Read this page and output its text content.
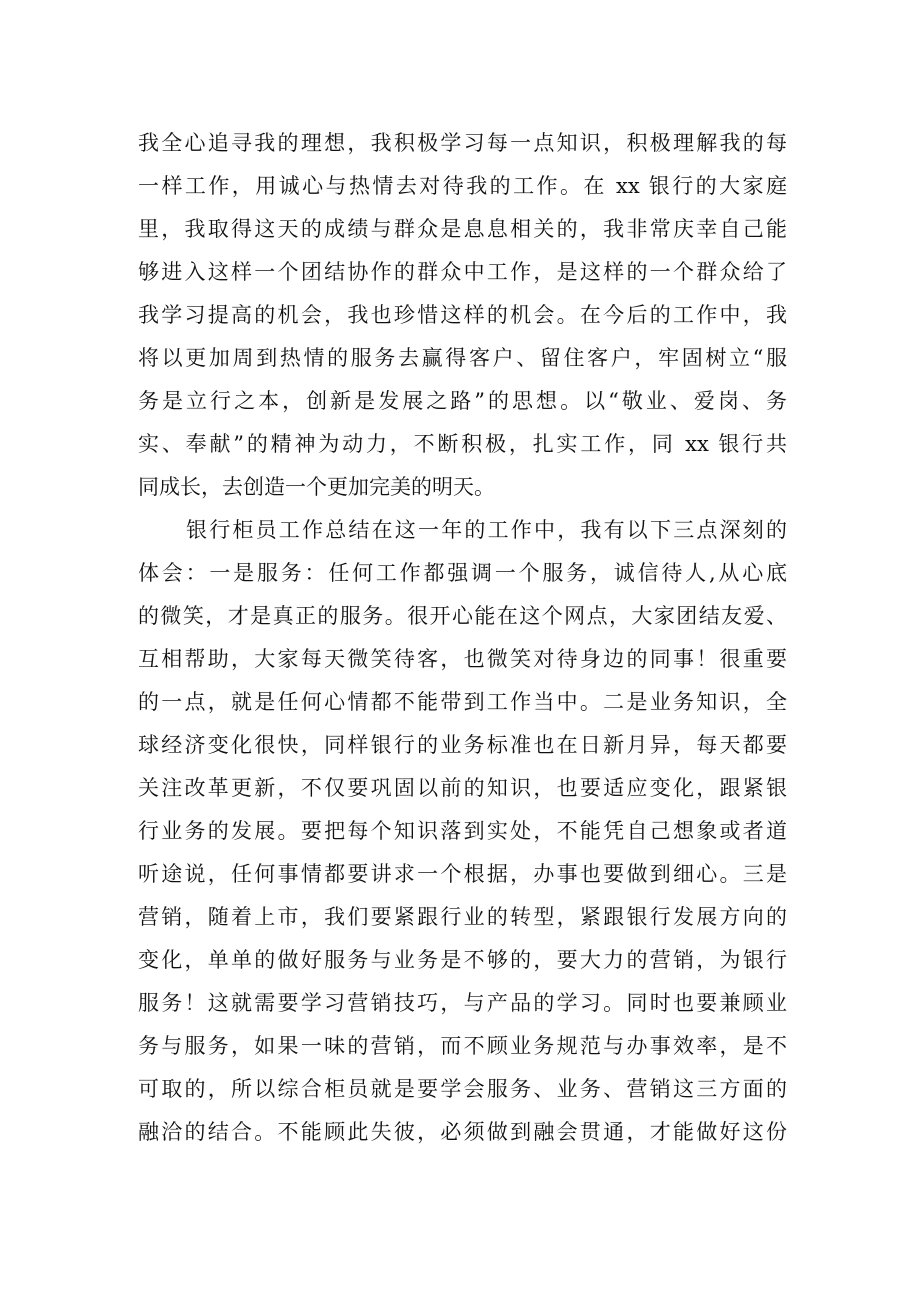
我全心追寻我的理想，我积极学习每一点知识，积极理解我的每
一样工作，用诚心与热情去对待我的工作。在 xx 银行的大家庭
里，我取得这天的成绩与群众是息息相关的，我非常庆幸自己能
够进入这样一个团结协作的群众中工作，是这样的一个群众给了
我学习提高的机会，我也珍惜这样的机会。在今后的工作中，我
将以更加周到热情的服务去赢得客户、留住客户，牢固树立“服
务是立行之本，创新是发展之路”的思想。以“敬业、爱岗、务
实、奉献”的精神为动力，不断积极，扎实工作，同 xx 银行共
同成长，去创造一个更加完美的明天。
银行柜员工作总结在这一年的工作中，我有以下三点深刻的
体会：一是服务：任何工作都强调一个服务，诚信待人,从心底
的微笑，才是真正的服务。很开心能在这个网点，大家团结友爱、
互相帮助，大家每天微笑待客，也微笑对待身边的同事！很重要
的一点，就是任何心情都不能带到工作当中。二是业务知识，全
球经济变化很快，同样银行的业务标准也在日新月异，每天都要
关注改革更新，不仅要巩固以前的知识，也要适应变化，跟紧银
行业务的发展。要把每个知识落到实处，不能凭自己想象或者道
听途说，任何事情都要讲求一个根据，办事也要做到细心。三是
营销，随着上市，我们要紧跟行业的转型，紧跟银行发展方向的
变化，单单的做好服务与业务是不够的，要大力的营销，为银行
服务！这就需要学习营销技巧，与产品的学习。同时也要兼顾业
务与服务，如果一味的营销，而不顾业务规范与办事效率，是不
可取的，所以综合柜员就是要学会服务、业务、营销这三方面的
融洽的结合。不能顾此失彼，必须做到融会贯通，才能做好这份
